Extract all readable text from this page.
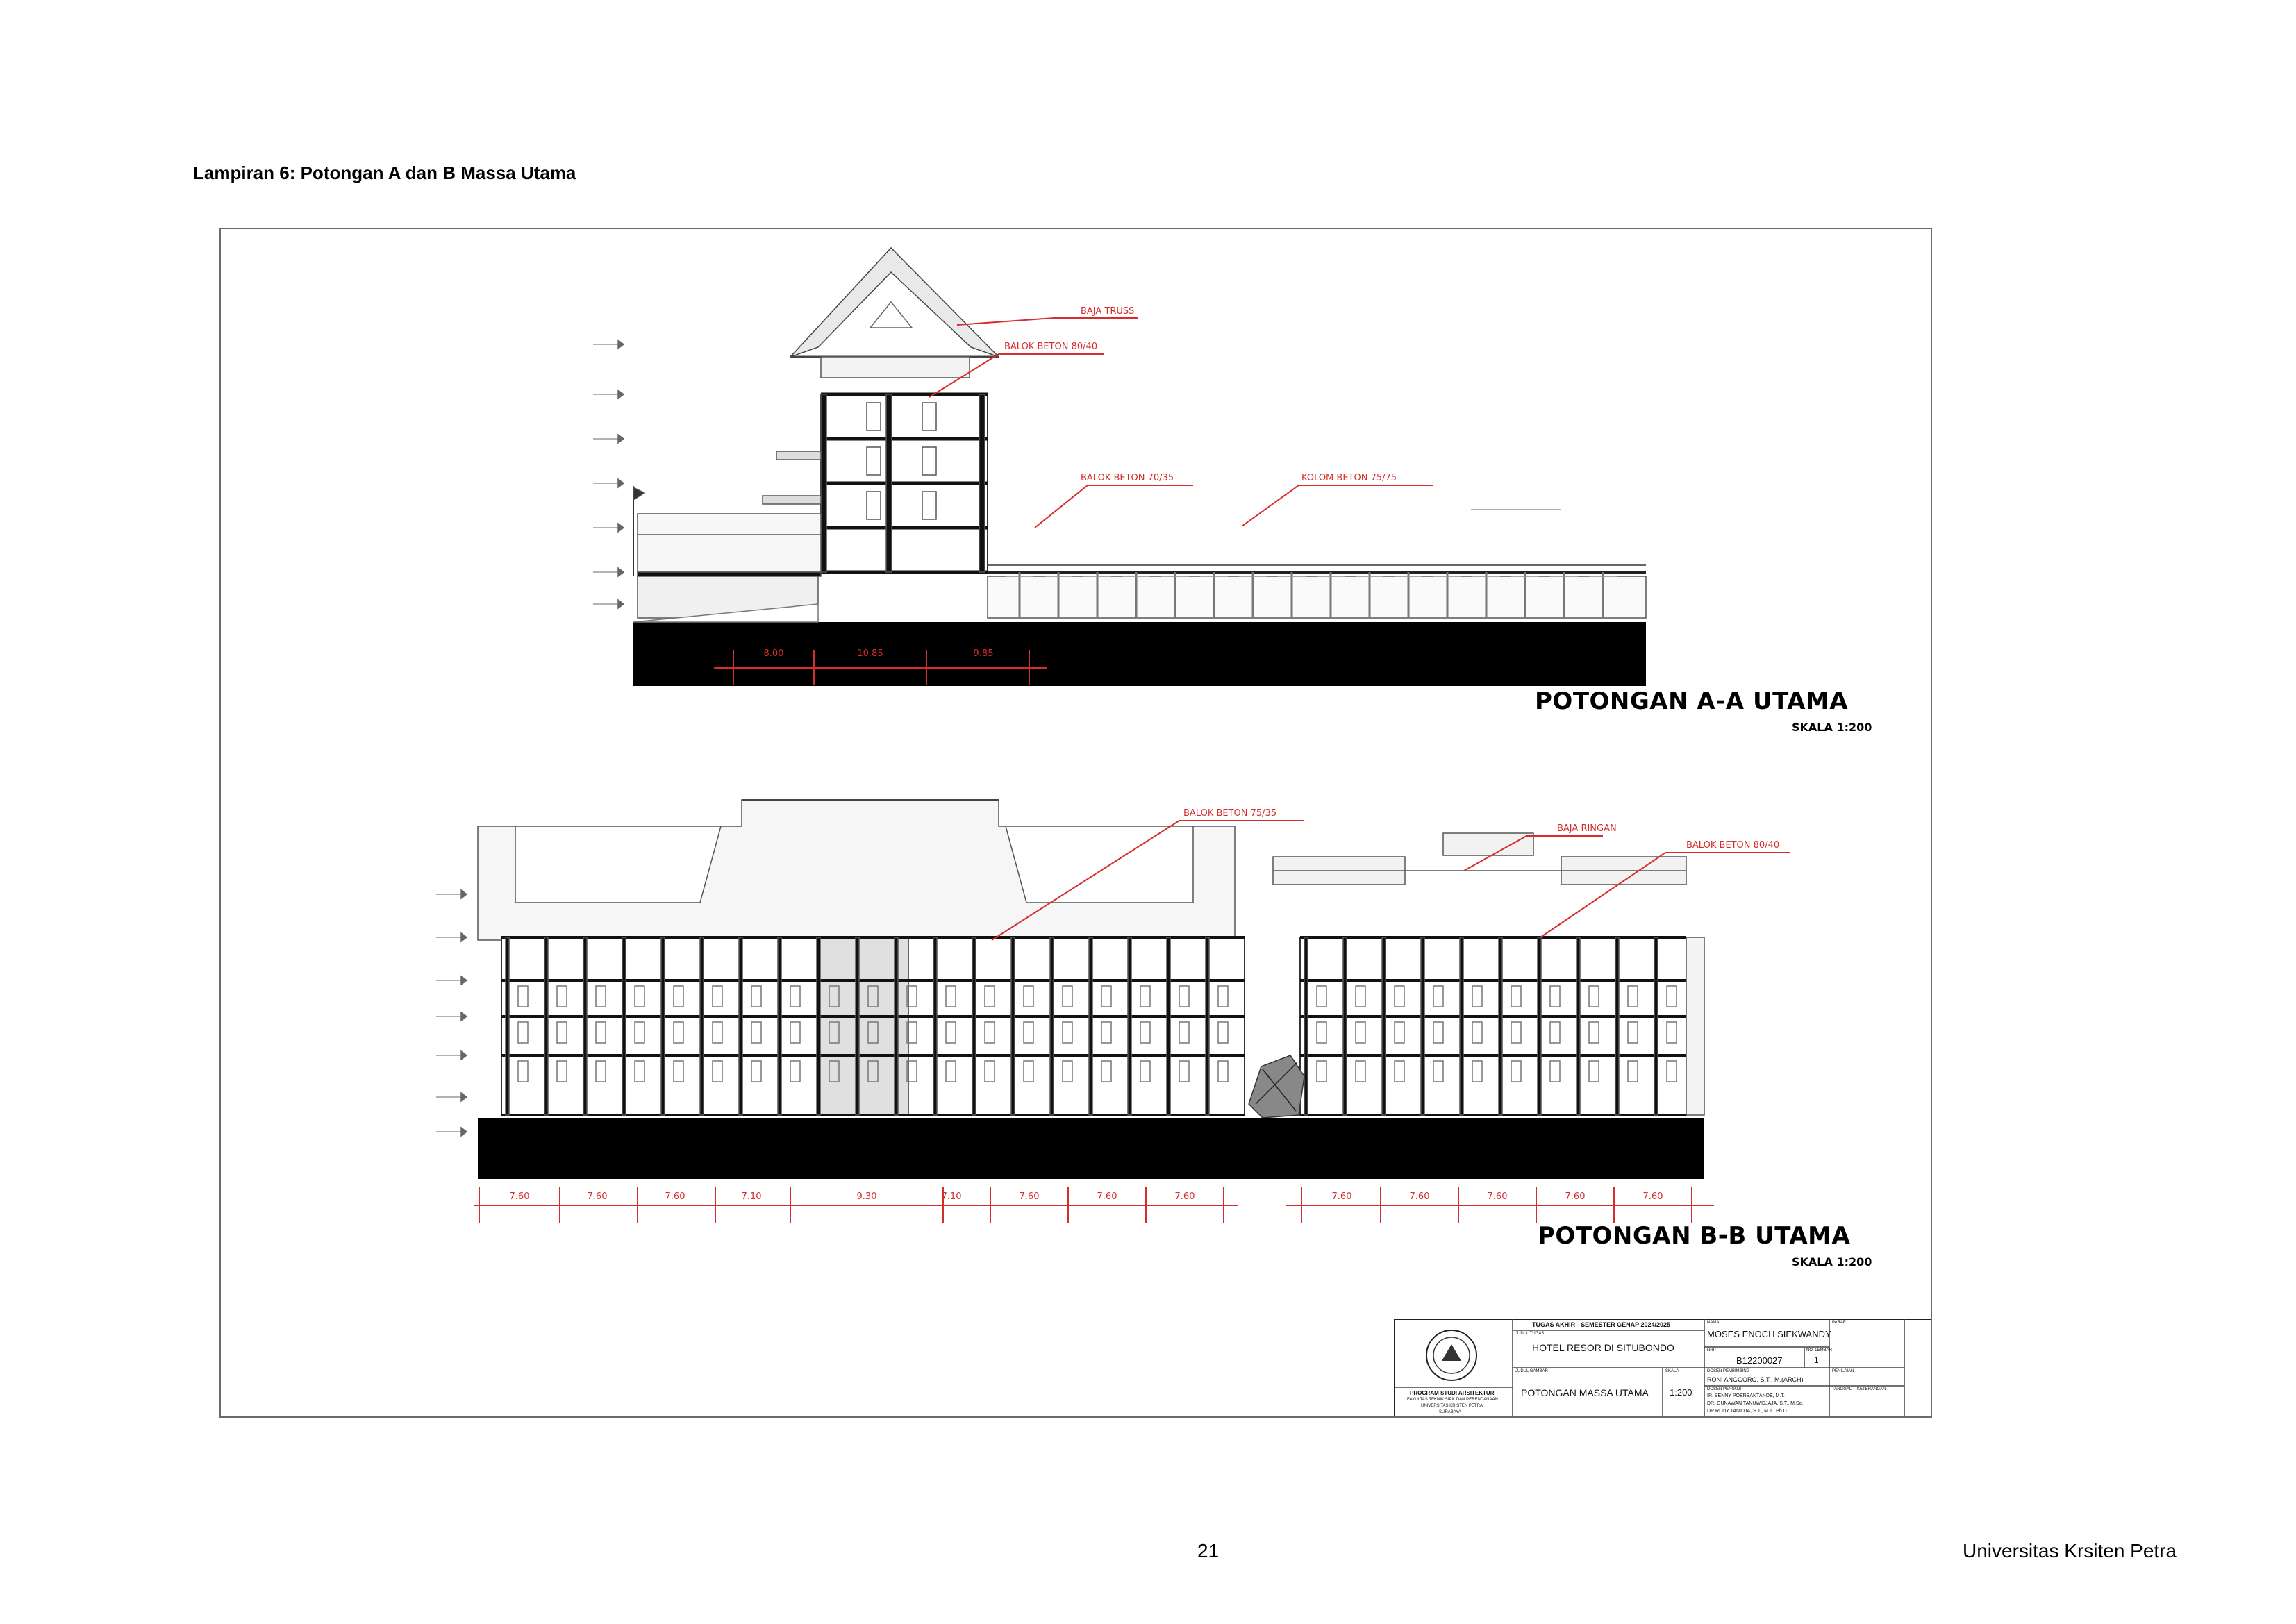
Lampiran 6: Potongan A dan B Massa Utama
POTONGAN A-A UTAMA
SKALA 1:200
BAJA TRUSS
BALOK BETON 80/40
BALOK BETON 70/35	KOLOM BETON 75/75
8.00	10.85	9.85
POTONGAN B-B UTAMA
SKALA 1:200
BALOK BETON 75/35
BAJA RINGAN
BALOK BETON 80/40
7.60	7.60	7.60	7.10	9.30	7.10	7.60	7.60	7.60	7.60	7.60	7.60	7.60	7.60
TUGAS AKHIR - SEMESTER GENAP 2024/2025
JUDUL TUGAS
HOTEL RESOR DI SITUBONDO
JUDUL GAMBAR
POTONGAN MASSA UTAMA
SKALA
1:200
NAMA
MOSES ENOCH SIEKWANDY
NRP
B12200027
NO. LEMBAR
1
DOSEN PEMBIMBING
RONI ANGGORO, S.T., M.(ARCH)
DOSEN PENGUJI
IR. BENNY POERBANTANOE, M.T.
DR. GUNAWAN TANUWIDJAJA, S.T., M.Sc.
DR.RUDY TANIDJA, S.T., M.T., Ph.D.
PARAF
PENILAIAN
TANGGAL KETERANGAN
PROGRAM STUDI ARSITEKTUR
FAKULTAS TEKNIK SIPIL DAN PERENCANAAN
UNIVERSITAS KRISTEN PETRA
SURABAYA
21	Universitas Krsiten Petra
